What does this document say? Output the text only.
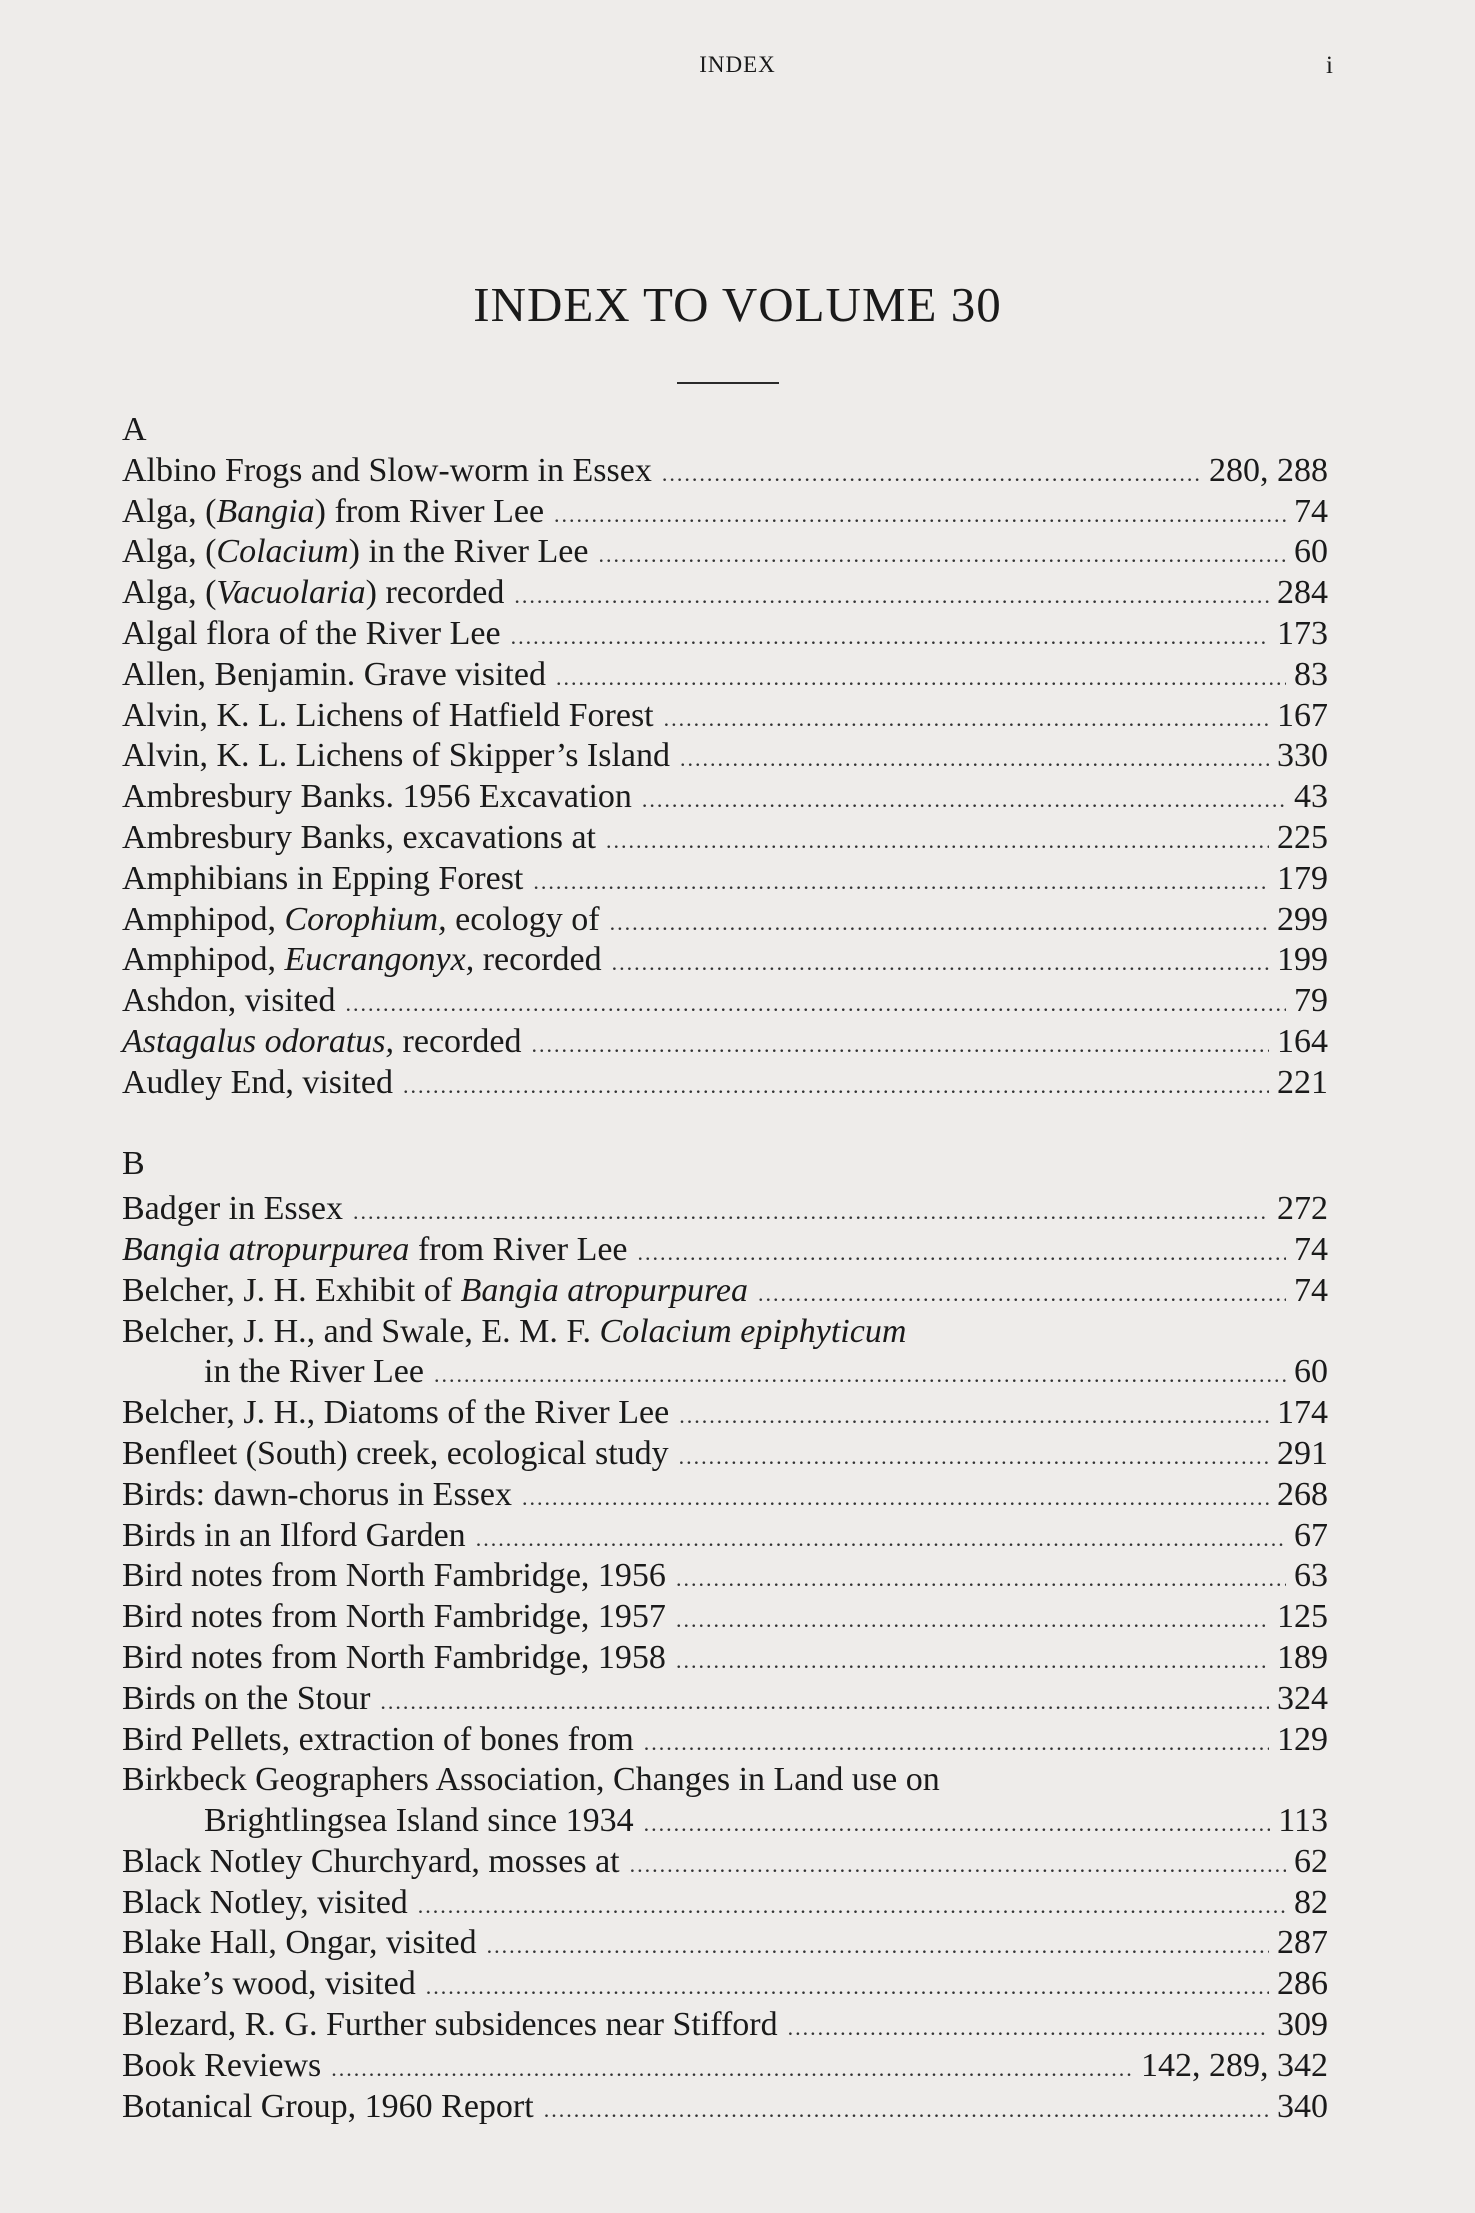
INDEX	i
INDEX TO VOLUME 30
A
Albino Frogs and Slow-worm in Essex .....	280, 288
Alga, (Bangia) from River Lee .....	74
Alga, (Colacium) in the River Lee .....	60
Alga, (Vacuolaria) recorded .....	284
Algal flora of the River Lee .....	173
Allen, Benjamin. Grave visited .....	83
Alvin, K. L. Lichens of Hatfield Forest .....	167
Alvin, K. L. Lichens of Skipper’s Island .....	330
Ambresbury Banks. 1956 Excavation .....	43
Ambresbury Banks, excavations at .....	225
Amphibians in Epping Forest .....	179
Amphipod, Corophium, ecology of .....	299
Amphipod, Eucrangonyx, recorded .....	199
Ashdon, visited .....	79
Astagalus odoratus, recorded .....	164
Audley End, visited .....	221
B
Badger in Essex .....	272
Bangia atropurpurea from River Lee .....	74
Belcher, J. H. Exhibit of Bangia atropurpurea .....	74
Belcher, J. H., and Swale, E. M. F. Colacium epiphyticum
in the River Lee .....	60
Belcher, J. H., Diatoms of the River Lee .....	174
Benfleet (South) creek, ecological study .....	291
Birds: dawn-chorus in Essex .....	268
Birds in an Ilford Garden .....	67
Bird notes from North Fambridge, 1956 .....	63
Bird notes from North Fambridge, 1957 .....	125
Bird notes from North Fambridge, 1958 .....	189
Birds on the Stour .....	324
Bird Pellets, extraction of bones from .....	129
Birkbeck Geographers Association, Changes in Land use on
Brightlingsea Island since 1934 .....	113
Black Notley Churchyard, mosses at .....	62
Black Notley, visited .....	82
Blake Hall, Ongar, visited .....	287
Blake’s wood, visited .....	286
Blezard, R. G. Further subsidences near Stifford .....	309
Book Reviews .....	142, 289, 342
Botanical Group, 1960 Report .....	340
